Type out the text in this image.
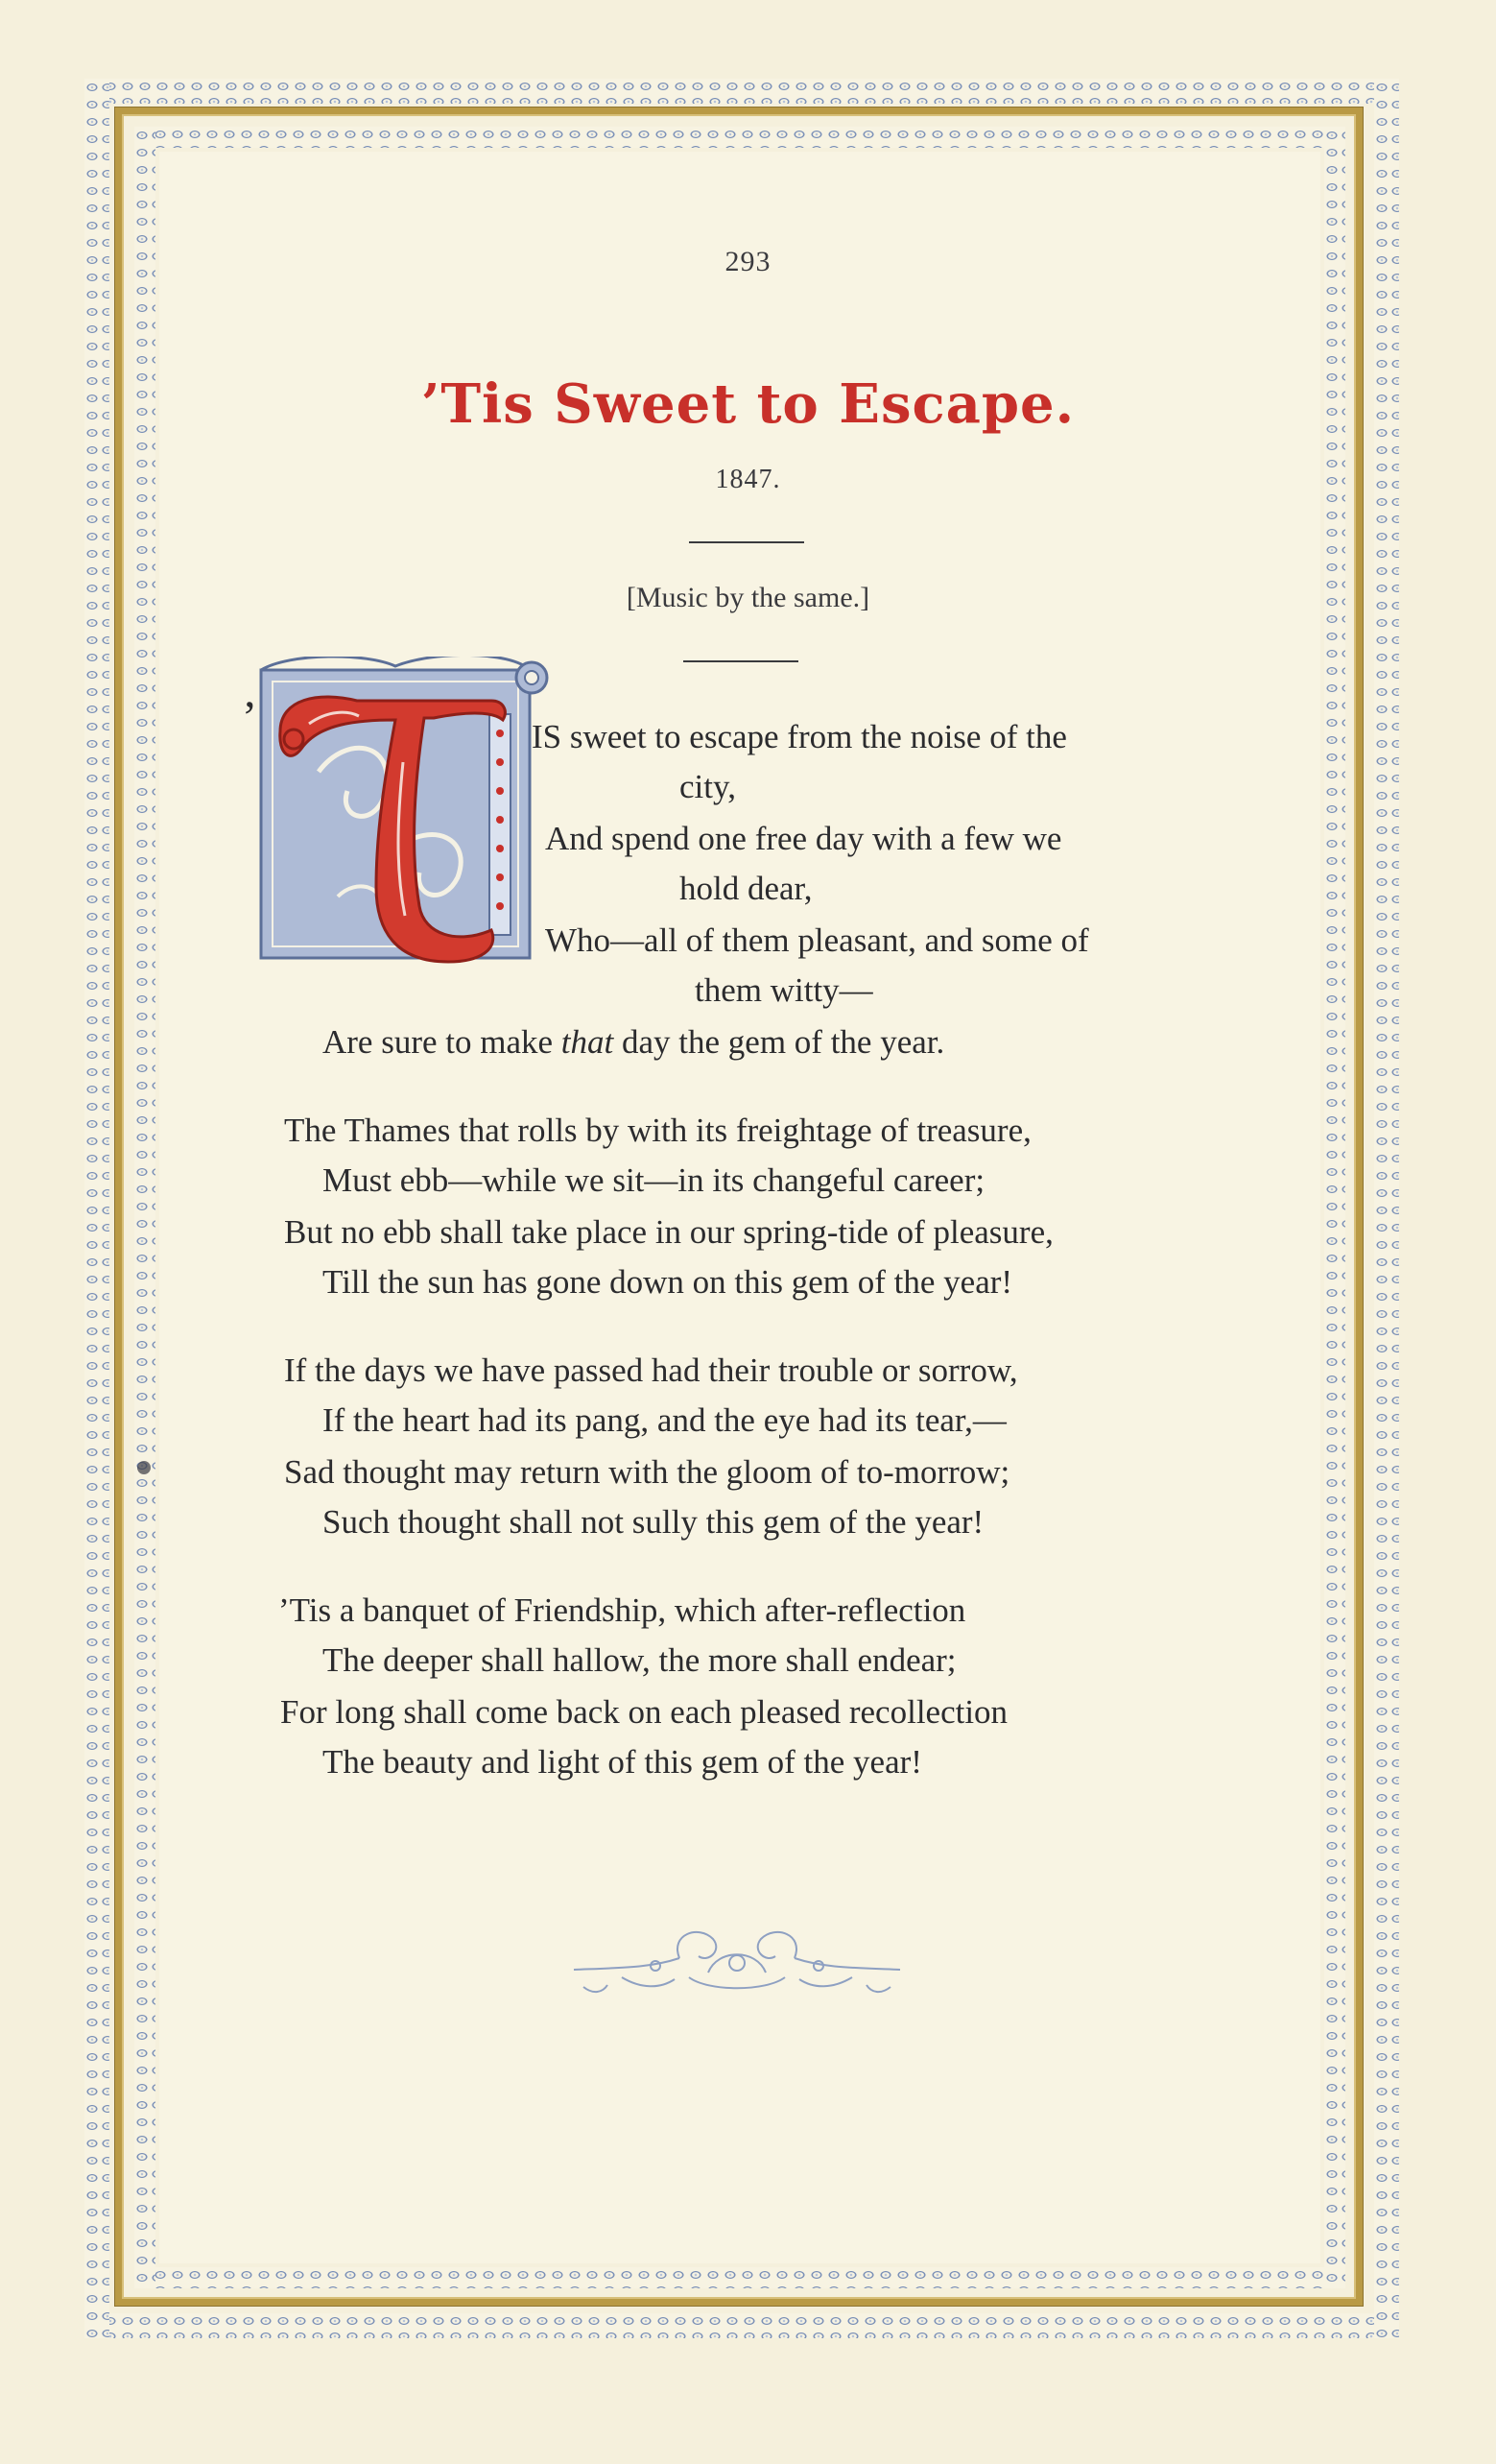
293
’Tis Sweet to Escape.
1847.
[Music by the same.]
’	IS sweet to escape from the noise of the
city,
And spend one free day with a few we
hold dear,
Who—all of them pleasant, and some of
them witty—
Are sure to make that day the gem of the year.
The Thames that rolls by with its freightage of treasure,
Must ebb—while we sit—in its changeful career;
But no ebb shall take place in our spring-tide of pleasure,
Till the sun has gone down on this gem of the year!
If the days we have passed had their trouble or sorrow,
If the heart had its pang, and the eye had its tear,—
Sad thought may return with the gloom of to-morrow;
Such thought shall not sully this gem of the year!
’Tis a banquet of Friendship, which after-reflection
The deeper shall hallow, the more shall endear;
For long shall come back on each pleased recollection
The beauty and light of this gem of the year!
